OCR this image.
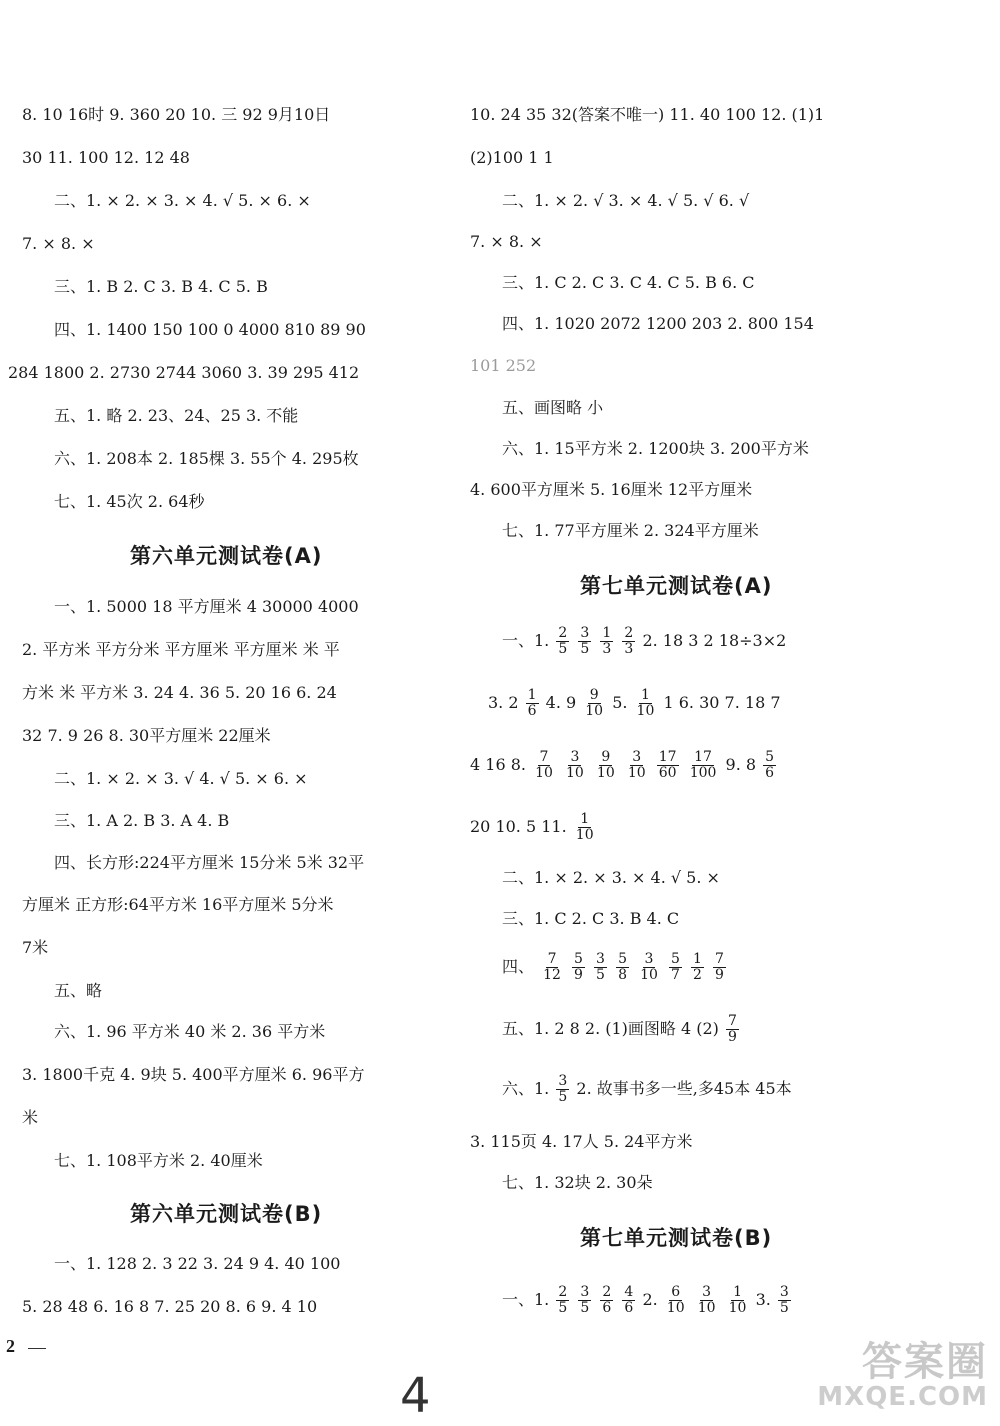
8. 10 16时 9. 360 20 10. 三 92 9月10日
30 11. 100 12. 12 48
二、1. × 2. × 3. × 4. √ 5. × 6. ×
7. × 8. ×
三、1. B 2. C 3. B 4. C 5. B
四、1. 1400 150 100 0 4000 810 89 90
284 1800 2. 2730 2744 3060 3. 39 295 412
五、1. 略 2. 23、24、25 3. 不能
六、1. 208本 2. 185棵 3. 55个 4. 295枚
七、1. 45次 2. 64秒
第六单元测试卷(A)
一、1. 5000 18 平方厘米 4 30000 4000
2. 平方米 平方分米 平方厘米 平方厘米 米 平
方米 米 平方米 3. 24 4. 36 5. 20 16 6. 24
32 7. 9 26 8. 30平方厘米 22厘米
二、1. × 2. × 3. √ 4. √ 5. × 6. ×
三、1. A 2. B 3. A 4. B
四、长方形:224平方厘米 15分米 5米 32平
方厘米 正方形:64平方米 16平方厘米 5分米
7米
五、略
六、1. 96 平方米 40 米 2. 36 平方米
3. 1800千克 4. 9块 5. 400平方厘米 6. 96平方
米
七、1. 108平方米 2. 40厘米
第六单元测试卷(B)
一、1. 128 2. 3 22 3. 24 9 4. 40 100
5. 28 48 6. 16 8 7. 25 20 8. 6 9. 4 10
10. 24 35 32(答案不唯一) 11. 40 100 12. (1)1
(2)100 1 1
二、1. × 2. √ 3. × 4. √ 5. √ 6. √
7. × 8. ×
三、1. C 2. C 3. C 4. C 5. B 6. C
四、1. 1020 2072 1200 203 2. 800 154
101 252
五、画图略 小
六、1. 15平方米 2. 1200块 3. 200平方米
4. 600平方厘米 5. 16厘米 12平方厘米
七、1. 77平方厘米 2. 324平方厘米
第七单元测试卷(A)
一、1. $\frac{2}{5}$
$\frac{3}{5}$
$\frac{1}{3}$
$\frac{2}{3} 2$. 18 3 2 18÷3×2
3. $2 \frac{1}{6} 4$. $9 \frac{9}{10} 5$. $\frac{1}{10} 1$ 6. 30 7. 18 7
4 16 8. $\frac{7}{10}$
$\frac{3}{10}$
$\frac{9}{10}$
$\frac{3}{10}$
$\frac{17}{60}$
$\frac{17}{100} 9$. $8 \frac{5}{6}$
20 10. 5 11. $\frac{1}{10}$
二、1. × 2. × 3. × 4. √ 5. ×
三、1. C 2. C 3. B 4. C
四、 $\frac{7}{12}$
$\frac{5}{9}$
$\frac{3}{5}$
$\frac{5}{8}$
$\frac{3}{10}$
$\frac{5}{7}$
$\frac{1}{2}$
$\frac{7}{9}$
五、1. 2 8 2. (1)画图略 4 $(2) \frac{7}{9}$
六、1. $\frac{3}{5} 2$. 故事书多一些,多45本 45本
3. 115页 4. 17人 5. 24平方米
七、1. 32块 2. 30朵
第七单元测试卷(B)
一、1. $\frac{2}{5}$
$\frac{3}{5}$
$\frac{2}{6}$
$\frac{4}{6} 2$. $\frac{6}{10}$
$\frac{3}{10}$
$\frac{1}{10} 3$. $\frac{3}{5}$
2
4
答案圈
MXQE.COM
